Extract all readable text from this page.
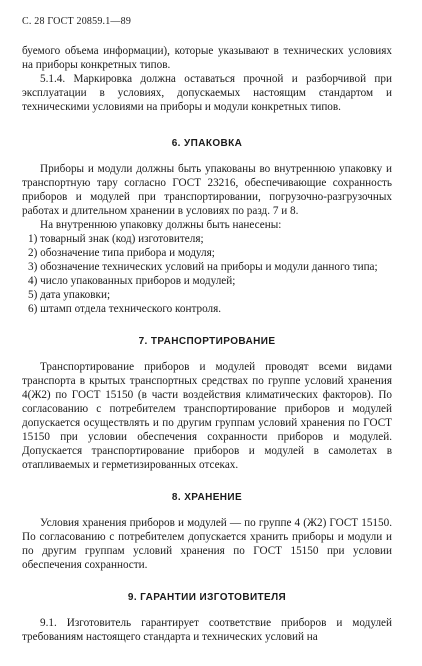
С. 28 ГОСТ 20859.1—89

буемого объема информации), которые указывают в технических условиях на приборы конкретных типов.

5.1.4. Маркировка должна оставаться прочной и разборчивой при эксплуатации в условиях, допускаемых настоящим стандартом и техническими условиями на приборы и модули конкретных типов.

6. УПАКОВКА

Приборы и модули должны быть упакованы во внутреннюю упаковку и транспортную тару согласно ГОСТ 23216, обеспечивающие сохранность приборов и модулей при транспортировании, погрузочно-разгрузочных работах и длительном хранении в условиях по разд. 7 и 8.

На внутреннюю упаковку должны быть нанесены:

1) товарный знак (код) изготовителя;
2) обозначение типа прибора и модуля;
3) обозначение технических условий на приборы и модули данного типа;
4) число упакованных приборов и модулей;
5) дата упаковки;
6) штамп отдела технического контроля.
7. ТРАНСПОРТИРОВАНИЕ

Транспортирование приборов и модулей проводят всеми видами транспорта в крытых транспортных средствах по группе условий хранения 4(Ж2) по ГОСТ 15150 (в части воздействия климатических факторов). По согласованию с потребителем транспортирование приборов и модулей допускается осуществлять и по другим группам условий хранения по ГОСТ 15150 при условии обеспечения сохранности приборов и модулей. Допускается транспортирование приборов и модулей в самолетах в отапливаемых и герметизированных отсеках.

8. ХРАНЕНИЕ

Условия хранения приборов и модулей — по группе 4 (Ж2) ГОСТ 15150. По согласованию с потребителем допускается хранить приборы и модули и по другим группам условий хранения по ГОСТ 15150 при условии обеспечения сохранности.

9. ГАРАНТИИ ИЗГОТОВИТЕЛЯ

9.1. Изготовитель гарантирует соответствие приборов и модулей требованиям настоящего стандарта и технических условий на
